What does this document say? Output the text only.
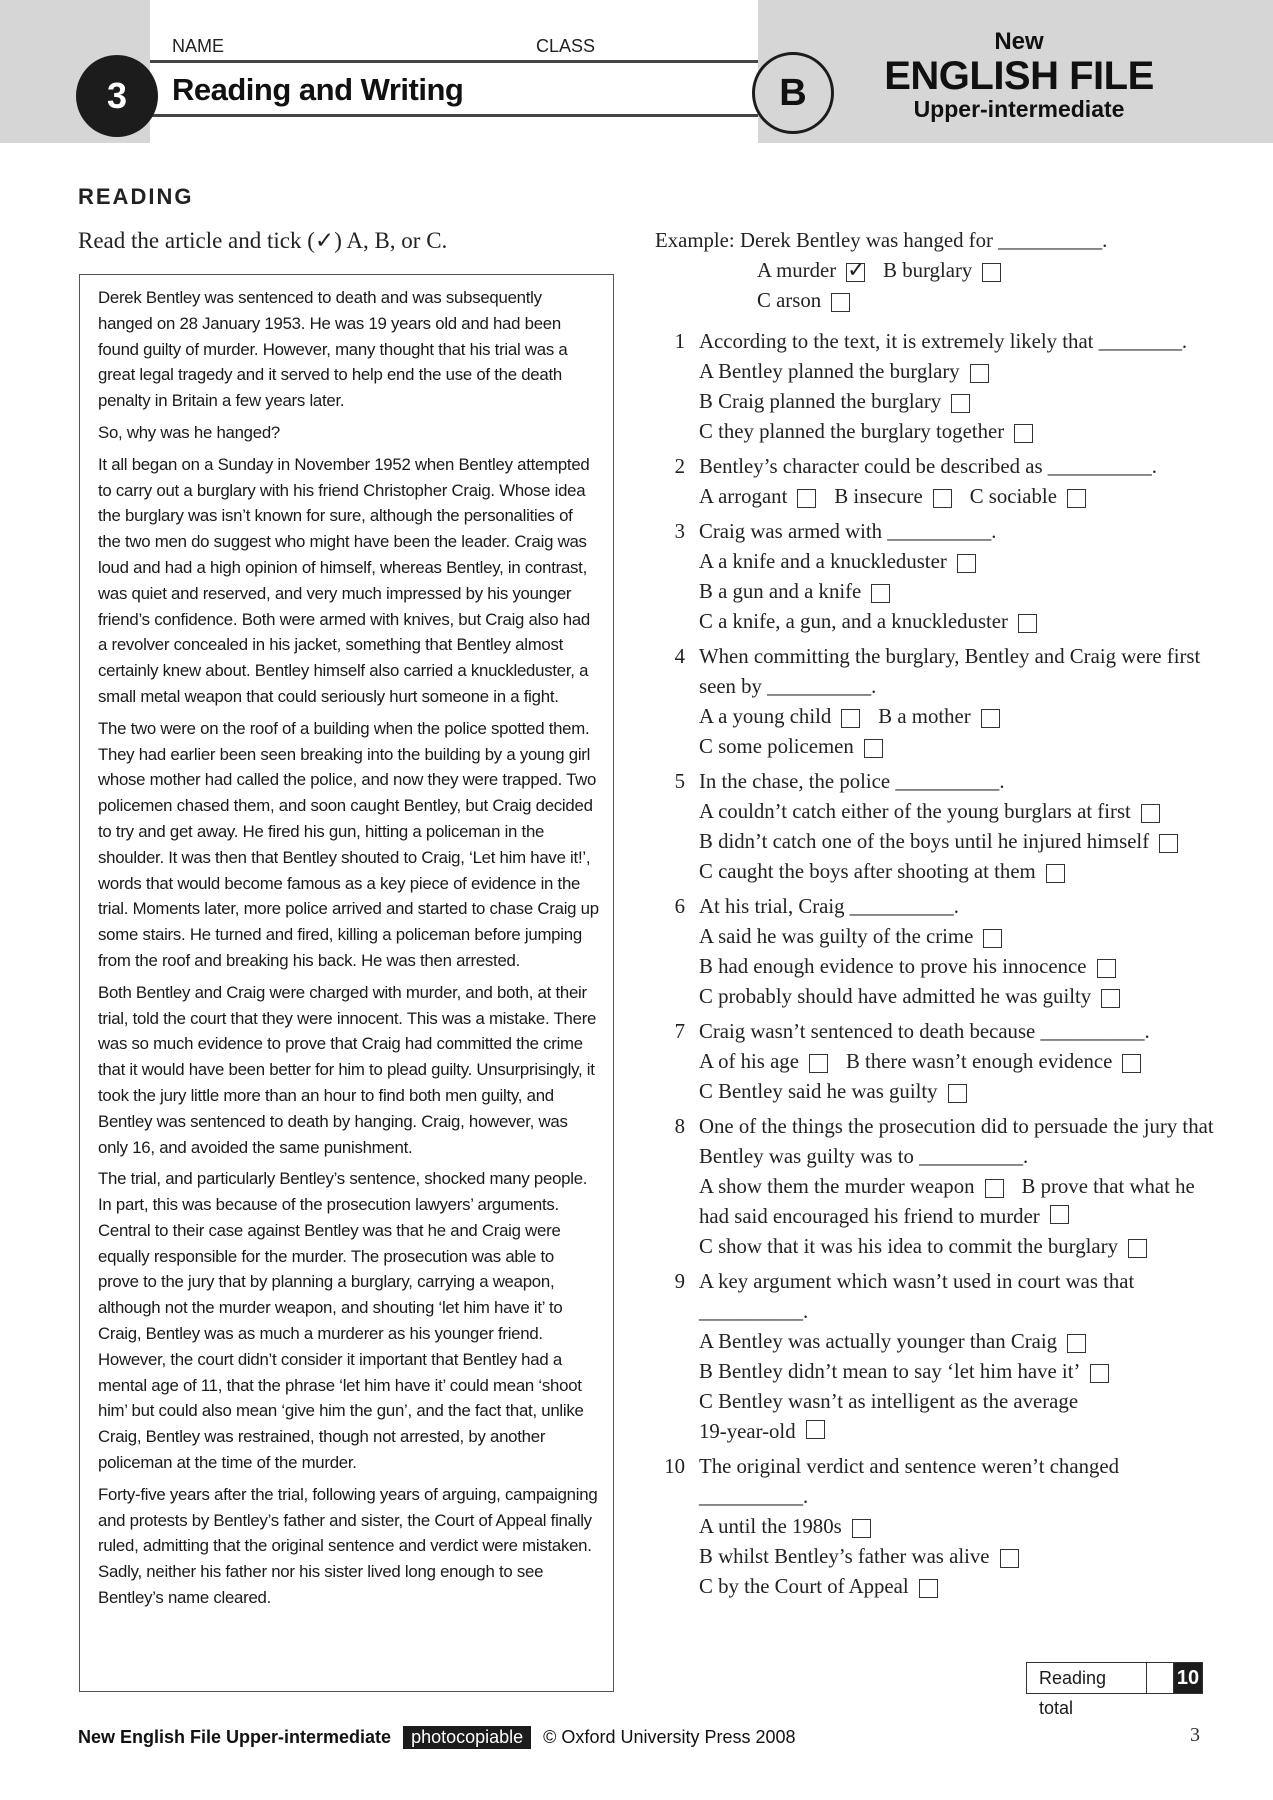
NAME	CLASS
3	Reading and Writing	B
New
ENGLISH FILE
Upper-intermediate
READING
Read the article and tick (✓) A, B, or C.

Derek Bentley was sentenced to death and was subsequently hanged on 28 January 1953. He was 19 years old and had been found guilty of murder. However, many thought that his trial was a great legal tragedy and it served to help end the use of the death penalty in Britain a few years later.

So, why was he hanged?

It all began on a Sunday in November 1952 when Bentley attempted to carry out a burglary with his friend Christopher Craig. Whose idea the burglary was isn’t known for sure, although the personalities of the two men do suggest who might have been the leader. Craig was loud and had a high opinion of himself, whereas Bentley, in contrast, was quiet and reserved, and very much impressed by his younger friend’s confidence. Both were armed with knives, but Craig also had a revolver concealed in his jacket, something that Bentley almost certainly knew about. Bentley himself also carried a knuckleduster, a small metal weapon that could seriously hurt someone in a fight.

The two were on the roof of a building when the police spotted them. They had earlier been seen breaking into the building by a young girl whose mother had called the police, and now they were trapped. Two policemen chased them, and soon caught Bentley, but Craig decided to try and get away. He fired his gun, hitting a policeman in the shoulder. It was then that Bentley shouted to Craig, ‘Let him have it!’, words that would become famous as a key piece of evidence in the trial. Moments later, more police arrived and started to chase Craig up some stairs. He turned and fired, killing a policeman before jumping from the roof and breaking his back. He was then arrested.

Both Bentley and Craig were charged with murder, and both, at their trial, told the court that they were innocent. This was a mistake. There was so much evidence to prove that Craig had committed the crime that it would have been better for him to plead guilty. Unsurprisingly, it took the jury little more than an hour to find both men guilty, and Bentley was sentenced to death by hanging. Craig, however, was only 16, and avoided the same punishment.

The trial, and particularly Bentley’s sentence, shocked many people. In part, this was because of the prosecution lawyers’ arguments. Central to their case against Bentley was that he and Craig were equally responsible for the murder. The prosecution was able to prove to the jury that by planning a burglary, carrying a weapon, although not the murder weapon, and shouting ‘let him have it’ to Craig, Bentley was as much a murderer as his younger friend. However, the court didn’t consider it important that Bentley had a mental age of 11, that the phrase ‘let him have it’ could mean ‘shoot him’ but could also mean ‘give him the gun’, and the fact that, unlike Craig, Bentley was restrained, though not arrested, by another policeman at the time of the murder.

Forty-five years after the trial, following years of arguing, campaigning and protests by Bentley’s father and sister, the Court of Appeal finally ruled, admitting that the original sentence and verdict were mistaken. Sadly, neither his father nor his sister lived long enough to see Bentley’s name cleared.

Example: Derek Bentley was hanged for __________.
A murder ✓ B burglary
C arson
1 According to the text, it is extremely likely that ________.
A Bentley planned the burglary
B Craig planned the burglary
C they planned the burglary together
2 Bentley’s character could be described as __________.
A arrogant B insecure C sociable
3 Craig was armed with __________.
A a knife and a knuckleduster
B a gun and a knife
C a knife, a gun, and a knuckleduster
4 When committing the burglary, Bentley and Craig were first seen by __________.
A a young child B a mother
C some policemen
5 In the chase, the police __________.
A couldn’t catch either of the young burglars at first
B didn’t catch one of the boys until he injured himself
C caught the boys after shooting at them
6 At his trial, Craig __________.
A said he was guilty of the crime
B had enough evidence to prove his innocence
C probably should have admitted he was guilty
7 Craig wasn’t sentenced to death because __________.
A of his age B there wasn’t enough evidence
C Bentley said he was guilty
8 One of the things the prosecution did to persuade the jury that Bentley was guilty was to __________.
A show them the murder weapon B prove that what he had said encouraged his friend to murder
C show that it was his idea to commit the burglary
9 A key argument which wasn’t used in court was that __________.
A Bentley was actually younger than Craig
B Bentley didn’t mean to say ‘let him have it’
C Bentley wasn’t as intelligent as the average 19-year-old
10 The original verdict and sentence weren’t changed __________.
A until the 1980s
B whilst Bentley’s father was alive
C by the Court of Appeal
Reading total
10
New English File Upper-intermediate	photocopiable	© Oxford University Press 2008	3
